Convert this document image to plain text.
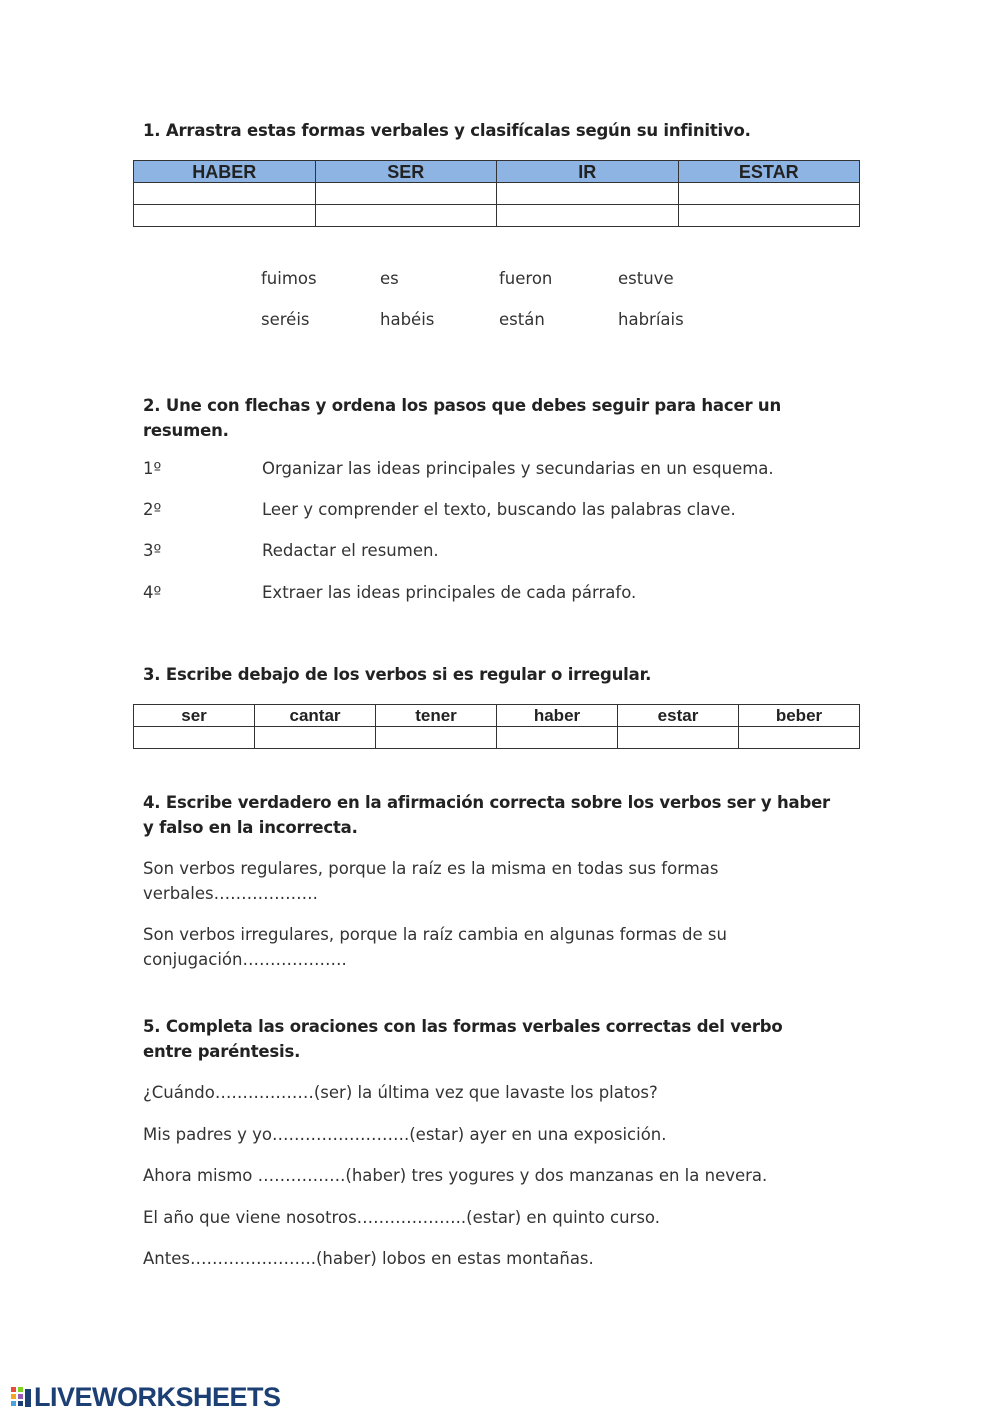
1. Arrastra estas formas verbales y clasifícalas según su infinitivo.
HABER	SER	IR	ESTAR

fuimos	es	fueron	estuve
seréis	habéis	están	habríais
2. Une con flechas y ordena los pasos que debes seguir para hacer un resumen.
1º	Organizar las ideas principales y secundarias en un esquema.
2º	Leer y comprender el texto, buscando las palabras clave.
3º	Redactar el resumen.
4º	Extraer las ideas principales de cada párrafo.
3. Escribe debajo de los verbos si es regular o irregular.
ser	cantar	tener	haber	estar	beber

4. Escribe verdadero en la afirmación correcta sobre los verbos ser y haber y falso en la incorrecta.
Son verbos regulares, porque la raíz es la misma en todas sus formas verbales……………….
Son verbos irregulares, porque la raíz cambia en algunas formas de su conjugación……………….
5. Completa las oraciones con las formas verbales correctas del verbo entre paréntesis.
¿Cuándo………………(ser) la última vez que lavaste los platos?
Mis padres y yo…………………….(estar) ayer en una exposición.
Ahora mismo …………….(haber) tres yogures y dos manzanas en la nevera.
El año que viene nosotros………………..(estar) en quinto curso.
Antes…………………..(haber) lobos en estas montañas.
LIVEWORKSHEETS
